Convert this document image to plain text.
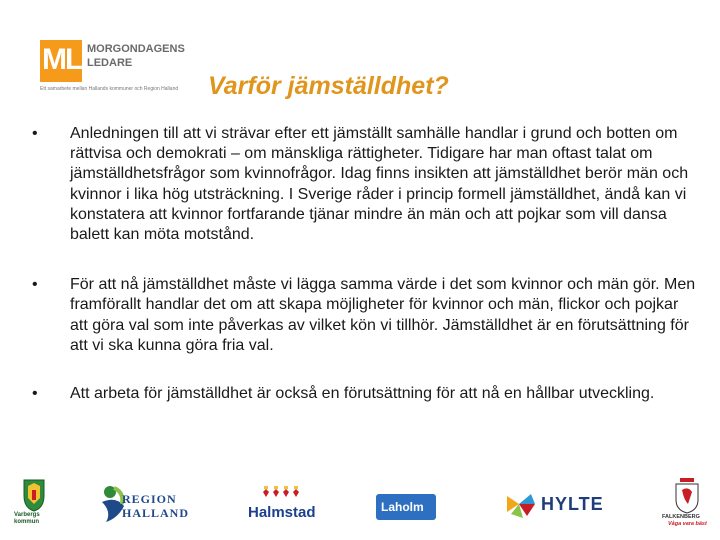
ML MORGONDAGENS
LEDARE
Ett samarbete mellan Hallands kommuner och Region Halland Varför jämställdhet?
• Anledningen till att vi strävar efter ett jämställt samhälle handlar i grund och botten om rättvisa och demokrati – om mänskliga rättigheter. Tidigare har man oftast talat om jämställdhetsfrågor som kvinnofrågor. Idag finns insikten att jämställdhet berör män och kvinnor i lika hög utsträckning. I Sverige råder i princip formell jämställdhet, ändå kan vi konstatera att kvinnor fortfarande tjänar mindre än män och att pojkar som vill dansa balett kan möta motstånd.
• För att nå jämställdhet måste vi lägga samma värde i det som kvinnor och män gör. Men framförallt handlar det om att skapa möjligheter för kvinnor och män, flickor och pojkar att göra val som inte påverkas av vilket kön vi tillhör. Jämställdhet är en förutsättning för att vi ska kunna göra fria val.
• Att arbeta för jämställdhet är också en förutsättning för att nå en hållbar utveckling.
Varbergs kommun
REGION
HALLAND	Halmstad	Laholm	HYLTE
FALKENBERG
Våga vara bäst
